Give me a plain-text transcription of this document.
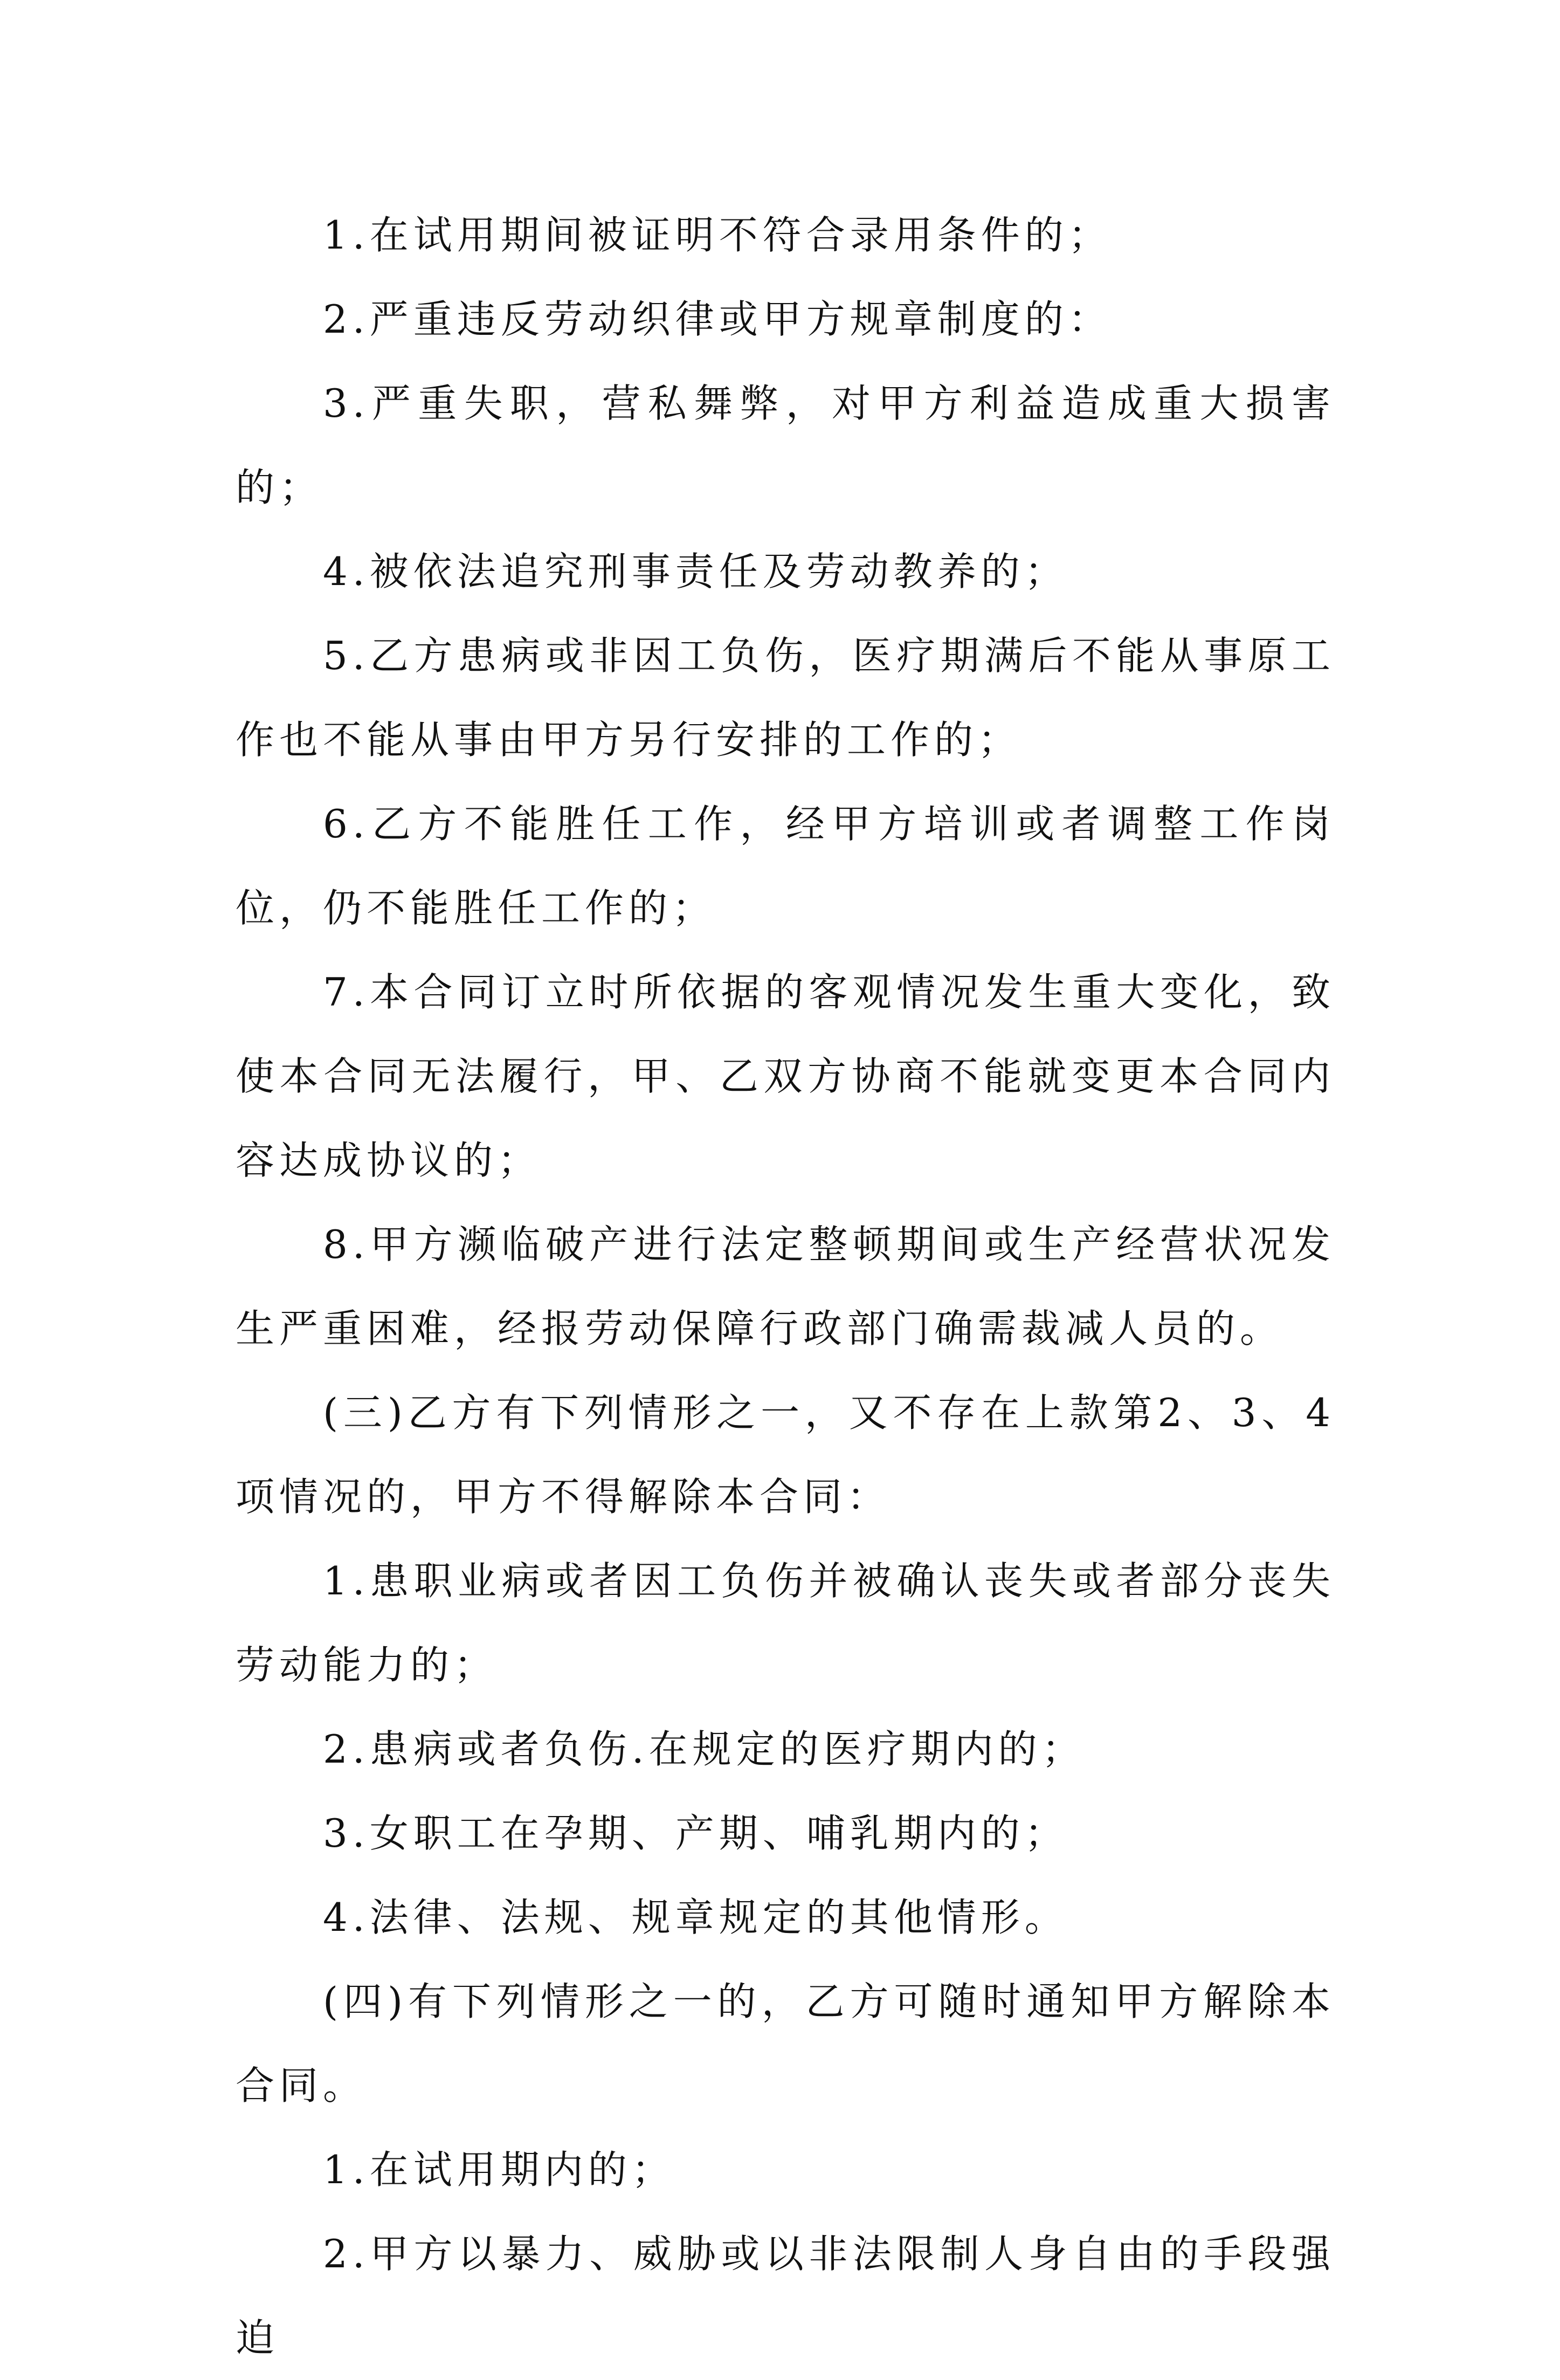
1.在试用期间被证明不符合录用条件的；

2.严重违反劳动织律或甲方规章制度的：

3.严重失职，营私舞弊，对甲方利益造成重大损害的；

4.被依法追究刑事责任及劳动教养的；

5.乙方患病或非因工负伤，医疗期满后不能从事原工作也不能从事由甲方另行安排的工作的；

6.乙方不能胜任工作，经甲方培训或者调整工作岗位，仍不能胜任工作的；

7.本合同订立时所依据的客观情况发生重大变化，致使本合同无法履行，甲、乙双方协商不能就变更本合同内容达成协议的；

8.甲方濒临破产进行法定整顿期间或生产经营状况发生严重困难，经报劳动保障行政部门确需裁减人员的。

(三)乙方有下列情形之一，又不存在上款第2、3、4项情况的，甲方不得解除本合同：

1.患职业病或者因工负伤并被确认丧失或者部分丧失劳动能力的；

2.患病或者负伤.在规定的医疗期内的；

3.女职工在孕期、产期、哺乳期内的；

4.法律、法规、规章规定的其他情形。

(四)有下列情形之一的，乙方可随时通知甲方解除本合同。

1.在试用期内的；

2.甲方以暴力、威胁或以非法限制人身自由的手段强迫
